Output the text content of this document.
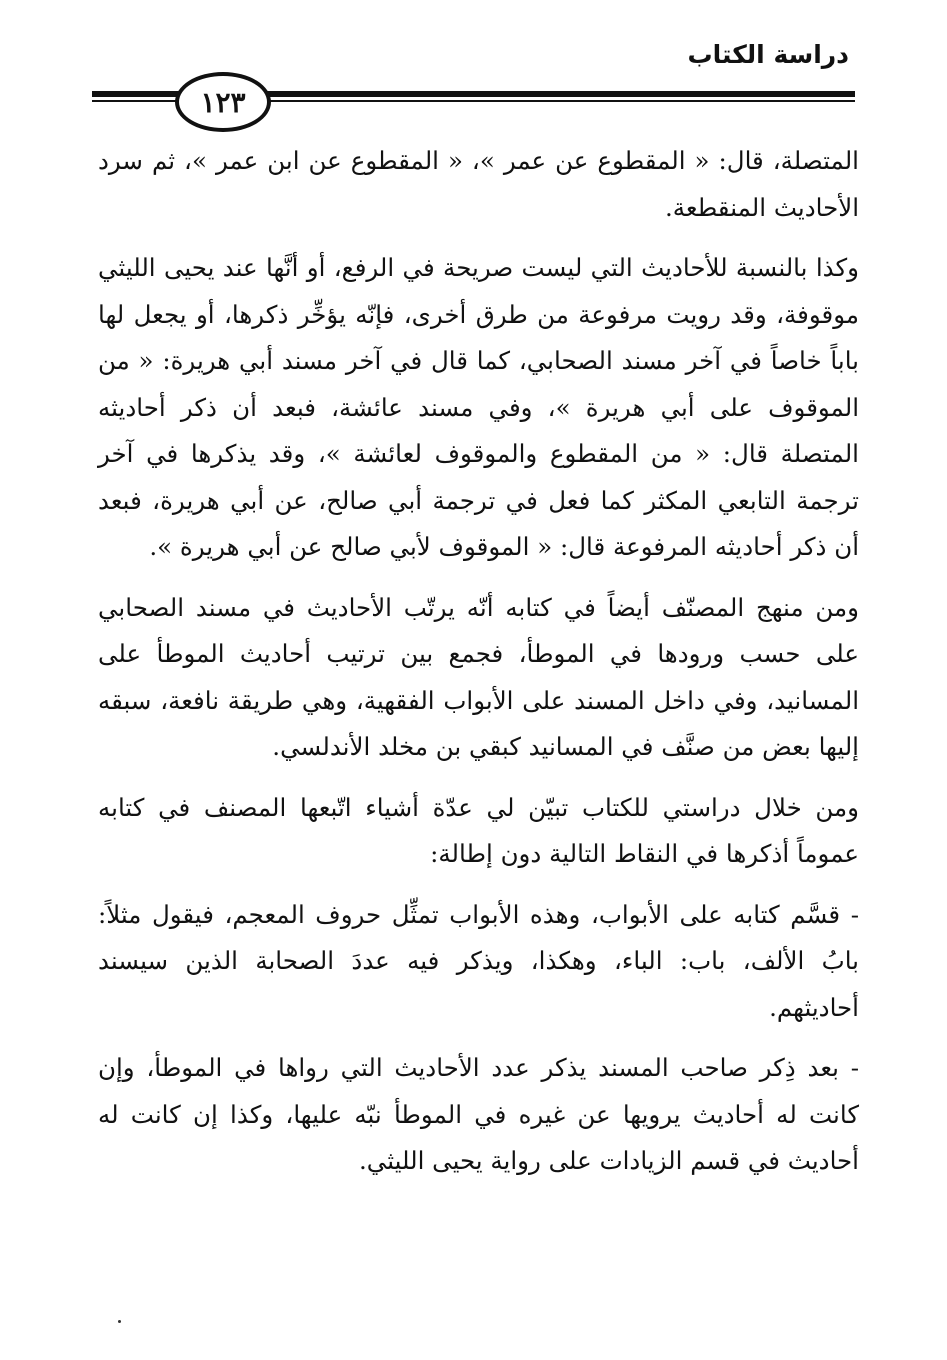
دراسة الكتاب
١٢٣

المتصلة، قال: « المقطوع عن عمر »، « المقطوع عن ابن عمر »، ثم سرد الأحاديث المنقطعة.

وكذا بالنسبة للأحاديث التي ليست صريحة في الرفع، أو أنَّها عند يحيى الليثي موقوفة، وقد رويت مرفوعة من طرق أخرى، فإنّه يؤخِّر ذكرها، أو يجعل لها باباً خاصاً في آخر مسند الصحابي، كما قال في آخر مسند أبي هريرة: « من الموقوف على أبي هريرة »، وفي مسند عائشة، فبعد أن ذكر أحاديثه المتصلة قال: « من المقطوع والموقوف لعائشة »، وقد يذكرها في آخر ترجمة التابعي المكثر كما فعل في ترجمة أبي صالح، عن أبي هريرة، فبعد أن ذكر أحاديثه المرفوعة قال: « الموقوف لأبي صالح عن أبي هريرة ».

ومن منهج المصنّف أيضاً في كتابه أنّه يرتّب الأحاديث في مسند الصحابي على حسب ورودها في الموطأ، فجمع بين ترتيب أحاديث الموطأ على المسانيد، وفي داخل المسند على الأبواب الفقهية، وهي طريقة نافعة، سبقه إليها بعض من صنَّف في المسانيد كبقي بن مخلد الأندلسي.

ومن خلال دراستي للكتاب تبيّن لي عدّة أشياء اتّبعها المصنف في كتابه عموماً أذكرها في النقاط التالية دون إطالة:

- قسَّم كتابه على الأبواب، وهذه الأبواب تمثِّل حروف المعجم، فيقول مثلاً: بابُ الألف، باب: الباء، وهكذا، ويذكر فيه عددَ الصحابة الذين سيسند أحاديثهم.

- بعد ذِكر صاحب المسند يذكر عدد الأحاديث التي رواها في الموطأ، وإن كانت له أحاديث يرويها عن غيره في الموطأ نبّه عليها، وكذا إن كانت له أحاديث في قسم الزيادات على رواية يحيى الليثي.
